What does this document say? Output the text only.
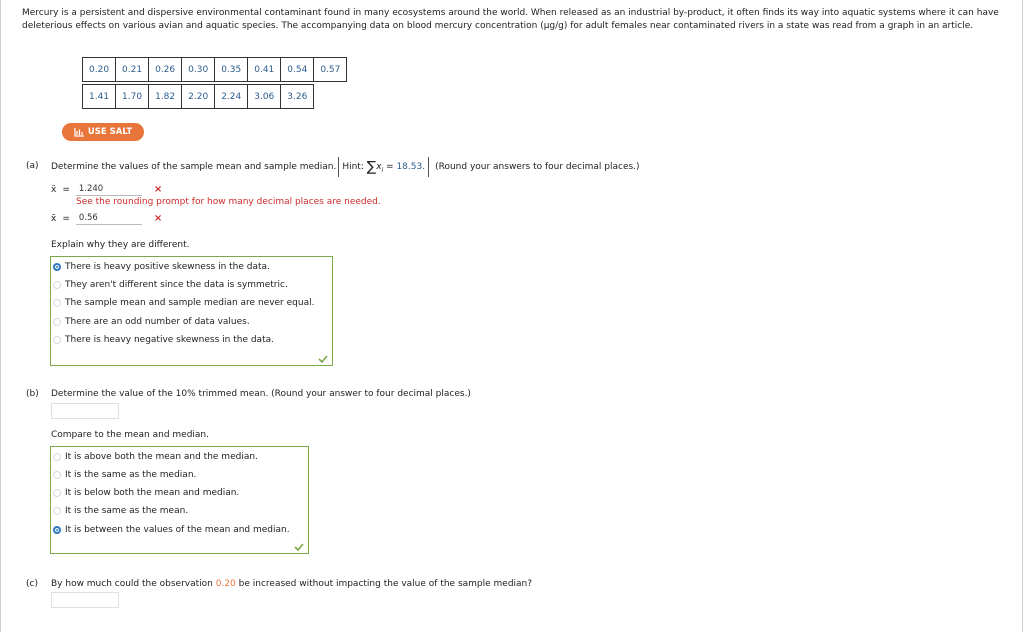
Mercury is a persistent and dispersive environmental contaminant found in many ecosystems around the world. When released as an industrial by-product, it often finds its way into aquatic systems where it can have deleterious effects on various avian and aquatic species. The accompanying data on blood mercury concentration (µg/g) for adult females near contaminated rivers in a state was read from a graph in an article.
0.20	0.21	0.26	0.30	0.35	0.41	0.54	0.57

1.41	1.70	1.82	2.20	2.24	3.06	3.26	
USE SALT
(a) Determine the values of the sample mean and sample median. Hint: $\sum x_i = 18.53$.	(Round your answers to four decimal places.)
x̄ =	1.240	×
See the rounding prompt for how many decimal places are needed.
x̃ =	0.56	×
Explain why they are different.
There is heavy positive skewness in the data.
They aren't different since the data is symmetric.
The sample mean and sample median are never equal.
There are an odd number of data values.
There is heavy negative skewness in the data.
(b) Determine the value of the 10% trimmed mean. (Round your answer to four decimal places.)
Compare to the mean and median.
It is above both the mean and the median.
It is the same as the median.
It is below both the mean and median.
It is the same as the mean.
It is between the values of the mean and median.
(c) By how much could the observation 0.20 be increased without impacting the value of the sample median?
